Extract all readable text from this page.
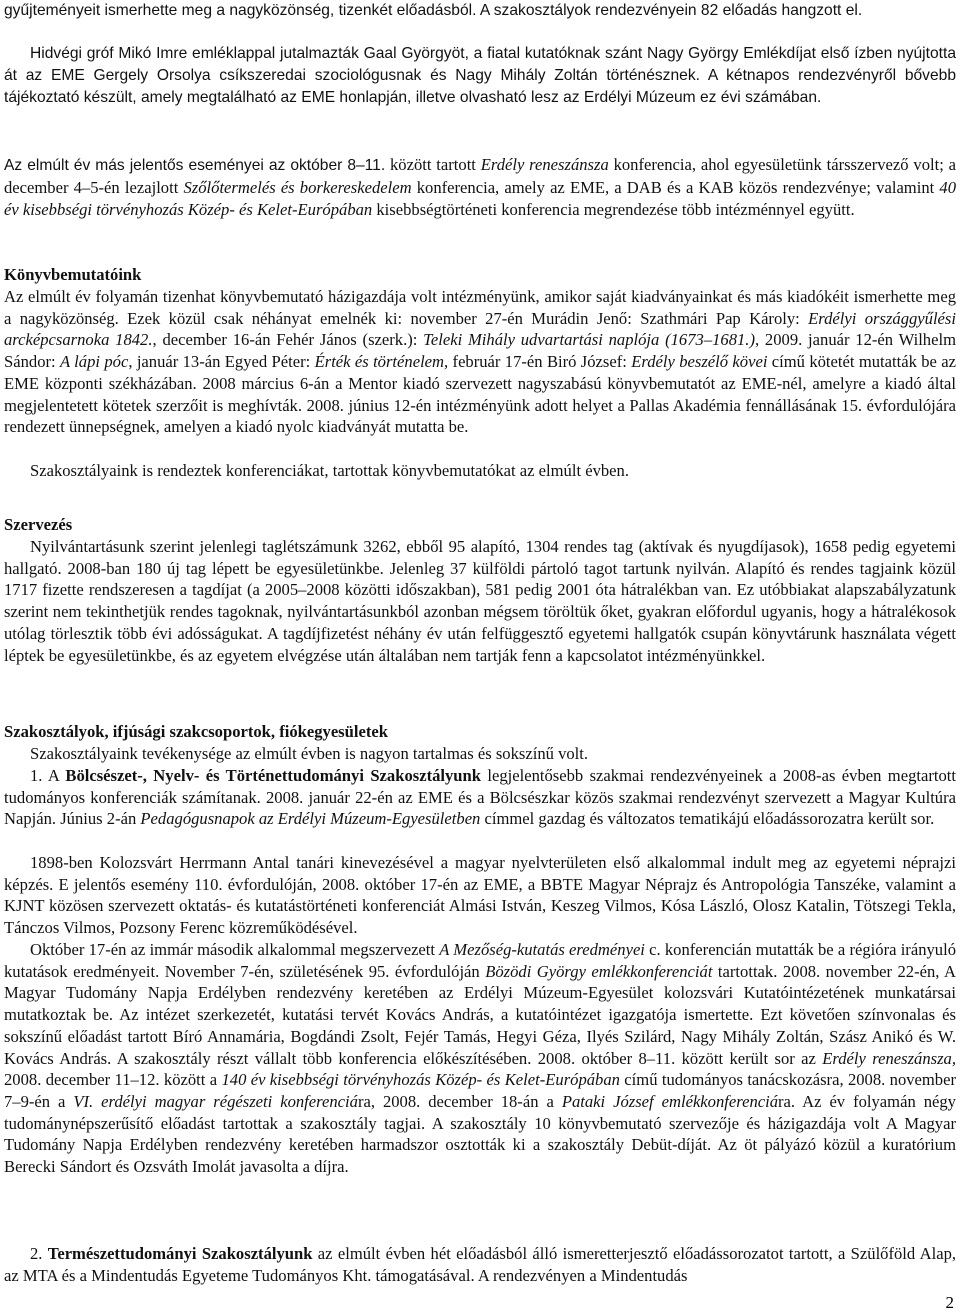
gyűjteményeit ismerhette meg a nagyközönség, tizenkét előadásból. A szakosztályok rendezvényein 82 előadás hangzott el.

Hidvégi gróf Mikó Imre emléklappal jutalmazták Gaal Györgyöt, a fiatal kutatóknak szánt Nagy György Emlékdíjat első ízben nyújtotta át az EME Gergely Orsolya csíkszeredai szociológusnak és Nagy Mihály Zoltán történésznek. A kétnapos rendezvényről bővebb tájékoztató készült, amely megtalálható az EME honlapján, illetve olvasható lesz az Erdélyi Múzeum ez évi számában.

Az elmúlt év más jelentős eseményei az október 8–11. között tartott Erdély reneszánsza konferencia, ahol egyesületünk társszervező volt; a december 4–5-én lezajlott Szőlőtermelés és borkereskedelem konferencia, amely az EME, a DAB és a KAB közös rendezvénye; valamint 40 év kisebbségi törvényhozás Közép- és Kelet-Európában kisebbségtörténeti konferencia megrendezése több intézménnyel együtt.

Könyvbemutatóink

Az elmúlt év folyamán tizenhat könyvbemutató házigazdája volt intézményünk, amikor saját kiadványainkat és más kiadókéit ismerhette meg a nagyközönség. Ezek közül csak néhányat emelnék ki: november 27-én Murádin Jenő: Szathmári Pap Károly: Erdélyi országgyűlési arcképcsarnoka 1842., december 16-án Fehér János (szerk.): Teleki Mihály udvartartási naplója (1673–1681.), 2009. január 12-én Wilhelm Sándor: A lápi póc, január 13-án Egyed Péter: Érték és történelem, február 17-én Biró József: Erdély beszélő kövei című kötetét mutatták be az EME központi székházában. 2008 március 6-án a Mentor kiadó szervezett nagyszabású könyvbemutatót az EME-nél, amelyre a kiadó által megjelentetett kötetek szerzőit is meghívták. 2008. június 12-én intézményünk adott helyet a Pallas Akadémia fennállásának 15. évfordulójára rendezett ünnepségnek, amelyen a kiadó nyolc kiadványát mutatta be.

Szakosztályaink is rendeztek konferenciákat, tartottak könyvbemutatókat az elmúlt évben.

Szervezés

Nyilvántartásunk szerint jelenlegi taglétszámunk 3262, ebből 95 alapító, 1304 rendes tag (aktívak és nyugdíjasok), 1658 pedig egyetemi hallgató. 2008-ban 180 új tag lépett be egyesületünkbe. Jelenleg 37 külföldi pártoló tagot tartunk nyilván. Alapító és rendes tagjaink közül 1717 fizette rendszeresen a tagdíjat (a 2005–2008 közötti időszakban), 581 pedig 2001 óta hátralékban van. Ez utóbbiakat alapszabályzatunk szerint nem tekinthetjük rendes tagoknak, nyilvántartásunkból azonban mégsem töröltük őket, gyakran előfordul ugyanis, hogy a hátralékosok utólag törlesztik több évi adósságukat. A tagdíjfizetést néhány év után felfüggesztő egyetemi hallgatók csupán könyvtárunk használata végett léptek be egyesületünkbe, és az egyetem elvégzése után általában nem tartják fenn a kapcsolatot intézményünkkel.

Szakosztályok, ifjúsági szakcsoportok, fiókegyesületek

Szakosztályaink tevékenysége az elmúlt évben is nagyon tartalmas és sokszínű volt.

1. A Bölcsészet-, Nyelv- és Történettudományi Szakosztályunk legjelentősebb szakmai rendezvényeinek a 2008-as évben megtartott tudományos konferenciák számítanak. 2008. január 22-én az EME és a Bölcsészkar közös szakmai rendezvényt szervezett a Magyar Kultúra Napján. Június 2-án Pedagógusnapok az Erdélyi Múzeum-Egyesületben címmel gazdag és változatos tematikájú előadássorozatra került sor.

1898-ben Kolozsvárt Herrmann Antal tanári kinevezésével a magyar nyelvterületen első alkalommal indult meg az egyetemi néprajzi képzés. E jelentős esemény 110. évfordulóján, 2008. október 17-én az EME, a BBTE Magyar Néprajz és Antropológia Tanszéke, valamint a KJNT közösen szervezett oktatás- és kutatástörténeti konferenciát Almási István, Keszeg Vilmos, Kósa László, Olosz Katalin, Tötszegi Tekla, Tánczos Vilmos, Pozsony Ferenc közreműködésével.

Október 17-én az immár második alkalommal megszervezett A Mezőség-kutatás eredményei c. konferencián mutatták be a régióra irányuló kutatások eredményeit. November 7-én, születésének 95. évfordulóján Bözödi György emlékkonferenciát tartottak. 2008. november 22-én, A Magyar Tudomány Napja Erdélyben rendezvény keretében az Erdélyi Múzeum-Egyesület kolozsvári Kutatóintézetének munkatársai mutatkoztak be. Az intézet szerkezetét, kutatási tervét Kovács András, a kutatóintézet igazgatója ismertette. Ezt követően színvonalas és sokszínű előadást tartott Bíró Annamária, Bogdándi Zsolt, Fejér Tamás, Hegyi Géza, Ilyés Szilárd, Nagy Mihály Zoltán, Szász Anikó és W. Kovács András. A szakosztály részt vállalt több konferencia előkészítésében. 2008. október 8–11. között került sor az Erdély reneszánsza, 2008. december 11–12. között a 140 év kisebbségi törvényhozás Közép- és Kelet-Európában című tudományos tanácskozásra, 2008. november 7–9-én a VI. erdélyi magyar régészeti konferenciára, 2008. december 18-án a Pataki József emlékkonferenciára. Az év folyamán négy tudománynépszerűsítő előadást tartottak a szakosztály tagjai. A szakosztály 10 könyvbemutató szervezője és házigazdája volt A Magyar Tudomány Napja Erdélyben rendezvény keretében harmadszor osztották ki a szakosztály Debüt-díját. Az öt pályázó közül a kuratórium Berecki Sándort és Ozsváth Imolát javasolta a díjra.

2. Természettudományi Szakosztályunk az elmúlt évben hét előadásból álló ismeretterjesztő előadássorozatot tartott, a Szülőföld Alap, az MTA és a Mindentudás Egyeteme Tudományos Kht. támogatásával. A rendezvényen a Mindentudás

2
